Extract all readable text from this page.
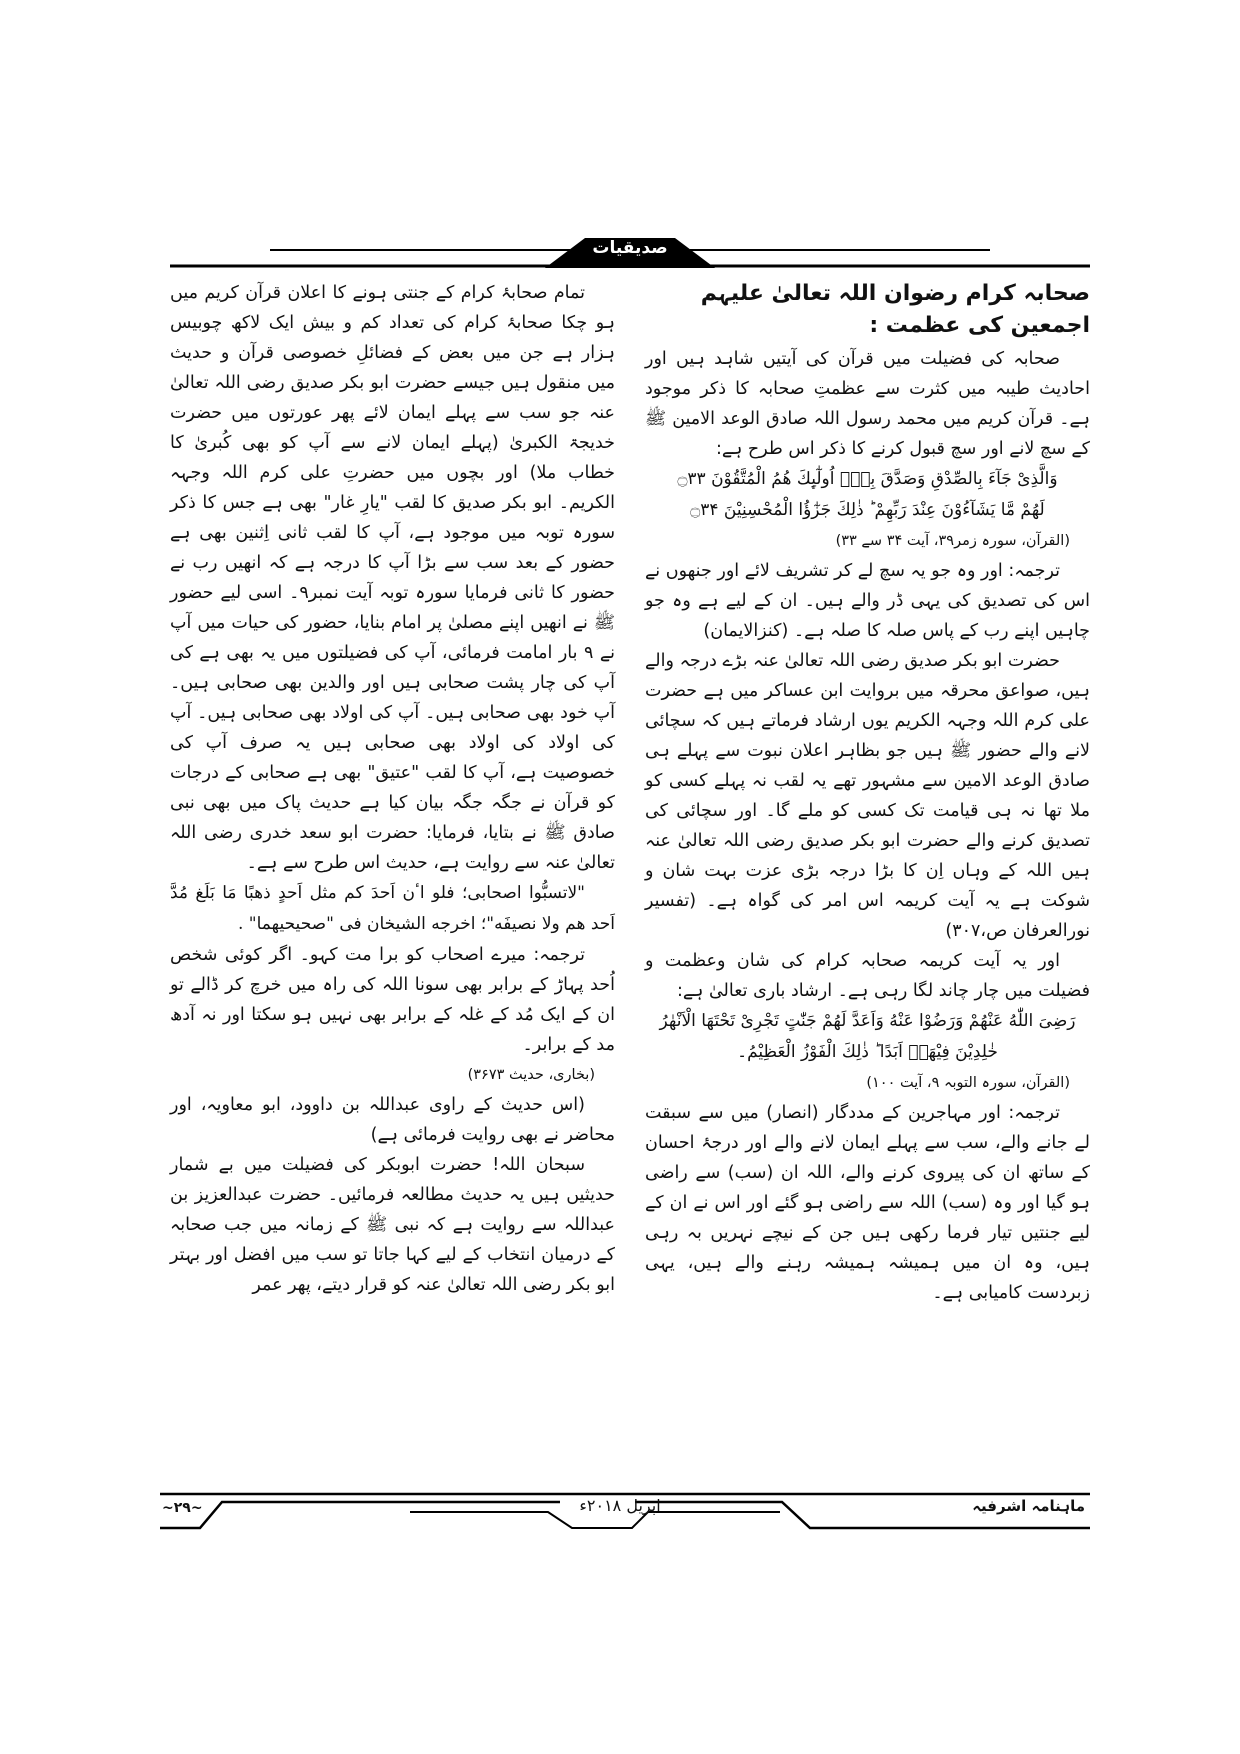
صدیقیات

صحابہ کرام رضوان اللہ تعالیٰ علیہم اجمعین کی عظمت :

صحابہ کی فضیلت میں قرآن کی آیتیں شاہد ہیں اور احادیث طیبہ میں کثرت سے عظمتِ صحابہ کا ذکر موجود ہے۔ قرآن کریم میں محمد رسول اللہ صادق الوعد الامین ﷺ کے سچ لانے اور سچ قبول کرنے کا ذکر اس طرح ہے:

وَالَّذِیْ جَآءَ بِالصِّدْقِ وَصَدَّقَ بِهٖۤ اُولٰٓىِٕكَ هُمُ الْمُتَّقُوْنَ ۝۳۳

لَهُمْ مَّا یَشَآءُوْنَ عِنْدَ رَبِّهِمْ ؕ ذٰلِكَ جَزٰٓؤُا الْمُحْسِنِیْنَ ۝۳۴

(القرآن، سورہ زمر۳۹، آیت ۳۴ سے ۳۳)

ترجمہ: اور وہ جو یہ سچ لے کر تشریف لائے اور جنھوں نے اس کی تصدیق کی یہی ڈر والے ہیں۔ ان کے لیے ہے وہ جو چاہیں اپنے رب کے پاس صلہ کا صلہ ہے۔ (کنزالایمان)

حضرت ابو بکر صدیق رضی اللہ تعالیٰ عنہ بڑے درجہ والے ہیں، صواعق محرقہ میں بروایت ابن عساکر میں ہے حضرت علی کرم اللہ وجہہ الکریم یوں ارشاد فرماتے ہیں کہ سچائی لانے والے حضور ﷺ ہیں جو بظاہر اعلان نبوت سے پہلے ہی صادق الوعد الامین سے مشہور تھے یہ لقب نہ پہلے کسی کو ملا تھا نہ ہی قیامت تک کسی کو ملے گا۔ اور سچائی کی تصدیق کرنے والے حضرت ابو بکر صدیق رضی اللہ تعالیٰ عنہ ہیں اللہ کے وہاں اِن کا بڑا درجہ بڑی عزت بہت شان و شوکت ہے یہ آیت کریمہ اس امر کی گواہ ہے۔ (تفسیر نورالعرفان ص،۳۰۷)

اور یہ آیت کریمہ صحابہ کرام کی شان وعظمت و فضیلت میں چار چاند لگا رہی ہے۔ ارشاد باری تعالیٰ ہے:

رَضِیَ اللّٰهُ عَنْهُمْ وَرَضُوْا عَنْهُ وَاَعَدَّ لَهُمْ جَنّٰتٍ تَجْرِیْ تَحْتَهَا الْاَنْهٰرُ خٰلِدِیْنَ فِیْهَاۤ اَبَدًا ؕ ذٰلِكَ الْفَوْزُ الْعَظِیْمُ۔

(القرآن، سورہ التوبہ ۹، آیت ۱۰۰)

ترجمہ: اور مہاجرین کے مددگار (انصار) میں سے سبقت لے جانے والے، سب سے پہلے ایمان لانے والے اور درجۂ احسان کے ساتھ ان کی پیروی کرنے والے، اللہ ان (سب) سے راضی ہو گیا اور وہ (سب) اللہ سے راضی ہو گئے اور اس نے ان کے لیے جنتیں تیار فرما رکھی ہیں جن کے نیچے نہریں بہ رہی ہیں، وہ ان میں ہمیشہ ہمیشہ رہنے والے ہیں، یہی زبردست کامیابی ہے۔

تمام صحابۂ کرام کے جنتی ہونے کا اعلان قرآن کریم میں ہو چکا صحابۂ کرام کی تعداد کم و بیش ایک لاکھ چوبیس ہزار ہے جن میں بعض کے فضائلِ خصوصی قرآن و حدیث میں منقول ہیں جیسے حضرت ابو بکر صدیق رضی اللہ تعالیٰ عنہ جو سب سے پہلے ایمان لائے پھر عورتوں میں حضرت خدیجۃ الکبریٰ (پہلے ایمان لانے سے آپ کو بھی کُبریٰ کا خطاب ملا) اور بچوں میں حضرتِ علی کرم اللہ وجہہ الکریم۔ ابو بکر صدیق کا لقب "یارِ غار" بھی ہے جس کا ذکر سورہ توبہ میں موجود ہے، آپ کا لقب ثانی اِثنین بھی ہے حضور کے بعد سب سے بڑا آپ کا درجہ ہے کہ انھیں رب نے حضور کا ثانی فرمایا سورہ توبہ آیت نمبر۹۔ اسی لیے حضور ﷺ نے انھیں اپنے مصلیٰ پر امام بنایا، حضور کی حیات میں آپ نے ۹ بار امامت فرمائی، آپ کی فضیلتوں میں یہ بھی ہے کی آپ کی چار پشت صحابی ہیں اور والدین بھی صحابی ہیں۔ آپ خود بھی صحابی ہیں۔ آپ کی اولاد بھی صحابی ہیں۔ آپ کی اولاد کی اولاد بھی صحابی ہیں یہ صرف آپ کی خصوصیت ہے، آپ کا لقب "عتیق" بھی ہے صحابی کے درجات کو قرآن نے جگہ جگہ بیان کیا ہے حدیث پاک میں بھی نبی صادق ﷺ نے بتایا، فرمایا: حضرت ابو سعد خدری رضی اللہ تعالیٰ عنہ سے روایت ہے، حدیث اس طرح سے ہے۔

"لاتسبُّوا اصحابی؛ فلو اٴن اَحدَ کم مثل اَحدٍ ذهبًا مَا بَلَغ مُدَّ اَحد هم ولا نصیفَه"؛ اخرجه الشیخان فی "صحیحیهما" .

ترجمہ: میرے اصحاب کو برا مت کہو۔ اگر کوئی شخص اُحد پہاڑ کے برابر بھی سونا اللہ کی راہ میں خرچ کر ڈالے تو ان کے ایک مُد کے غلہ کے برابر بھی نہیں ہو سکتا اور نہ آدھ مد کے برابر۔

(بخاری، حدیث ۳۶۷۳)

(اس حدیث کے راوی عبداللہ بن داوود، ابو معاویہ، اور محاضر نے بھی روایت فرمائی ہے)

سبحان اللہ! حضرت ابوبکر کی فضیلت میں بے شمار حدیثیں ہیں یہ حدیث مطالعہ فرمائیں۔ حضرت عبدالعزیز بن عبداللہ سے روایت ہے کہ نبی ﷺ کے زمانہ میں جب صحابہ کے درمیان انتخاب کے لیے کہا جاتا تو سب میں افضل اور بہتر ابو بکر رضی اللہ تعالیٰ عنہ کو قرار دیتے، پھر عمر

~۲۹~	اپریل ۲۰۱۸ء	ماہنامہ اشرفیہ
